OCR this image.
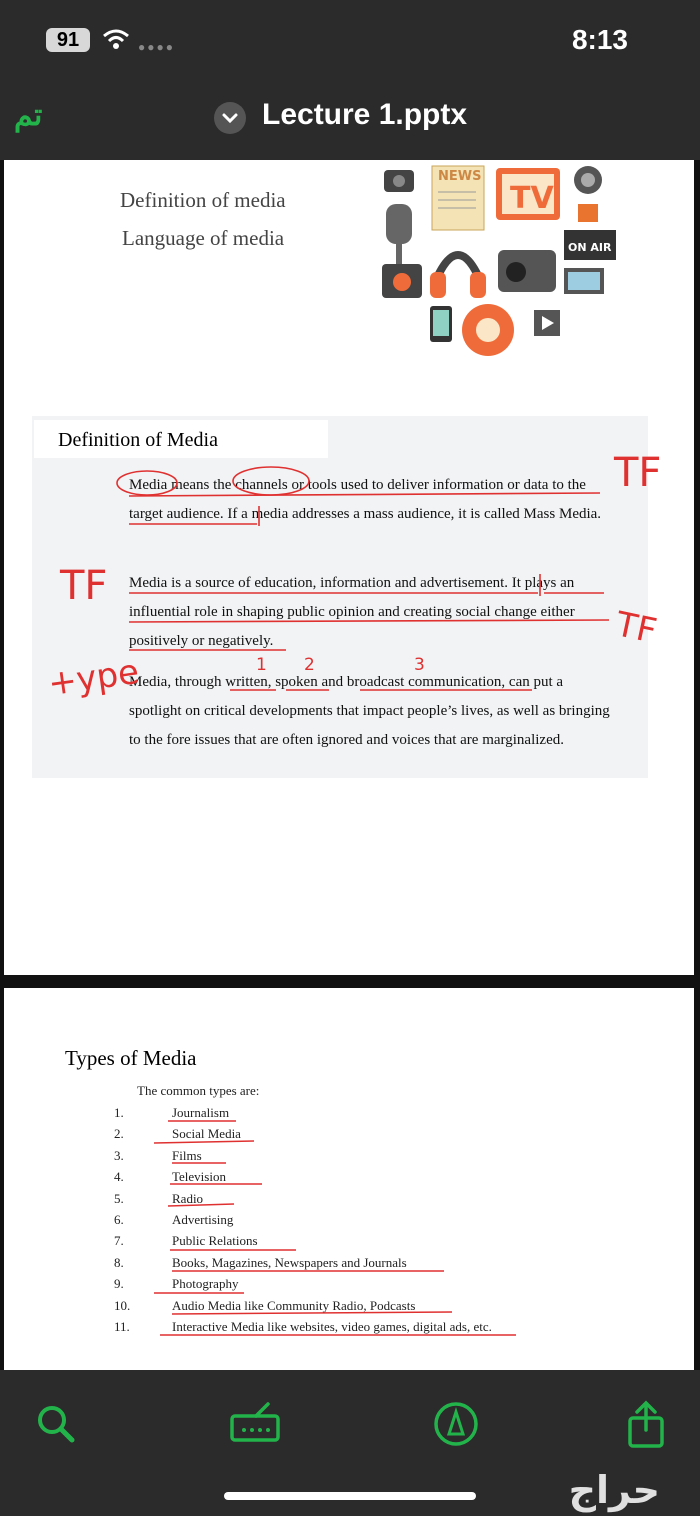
91	●●●●	8:13
تم	Lecture 1.pptx
Definition of media
Language of media
NEWS
TV
ON AIR
Definition of Media
Media means the channels or tools used to deliver information or data to the target audience. If a media addresses a mass audience, it is called Mass Media.
Media is a source of education, information and advertisement. It plays an influential role in shaping public opinion and creating social change either positively or negatively.
Media, through written, spoken and broadcast communication, can put a spotlight on critical developments that impact people’s lives, as well as bringing to the fore issues that are often ignored and voices that are marginalized.
TF
TF
TF
+ype	1 2	3
Types of Media
The common types are:
1.	Journalism
2.	Social Media
3.	Films
4.	Television
5.	Radio
6.	Advertising
7.	Public Relations
8.	Books, Magazines, Newspapers and Journals
9.	Photography
10.	Audio Media like Community Radio, Podcasts
11.	Interactive Media like websites, video games, digital ads, etc.
حراج
